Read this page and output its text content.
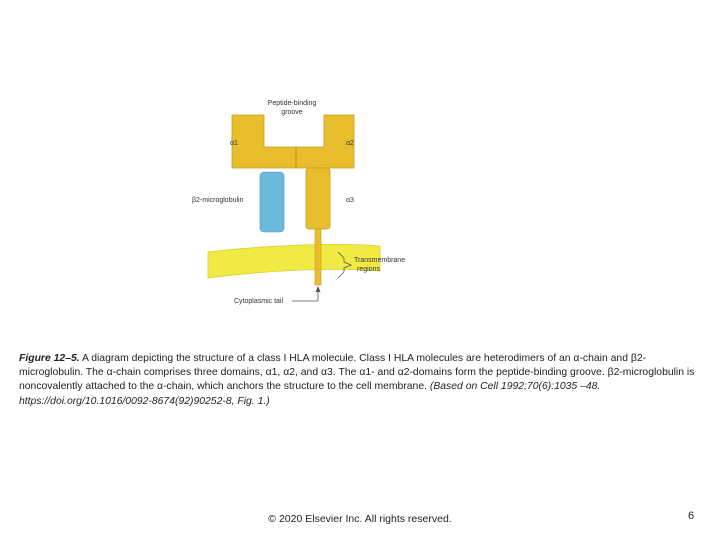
Peptide-binding
groove
α1	α2
α3
β2-microglobulin
Transmembrane
regions
Cytoplasmic tail
Figure 12–5. A diagram depicting the structure of a class I HLA molecule. Class I HLA molecules are heterodimers of an α-chain and β2-microglobulin. The α-chain comprises three domains, α1, α2, and α3. The α1- and α2-domains form the peptide-binding groove. β2-microglobulin is noncovalently attached to the α-chain, which anchors the structure to the cell membrane. (Based on Cell 1992;70(6):1035 –48. https://doi.org/10.1016/0092-8674(92)90252-8, Fig. 1.)
© 2020 Elsevier Inc. All rights reserved.	6
